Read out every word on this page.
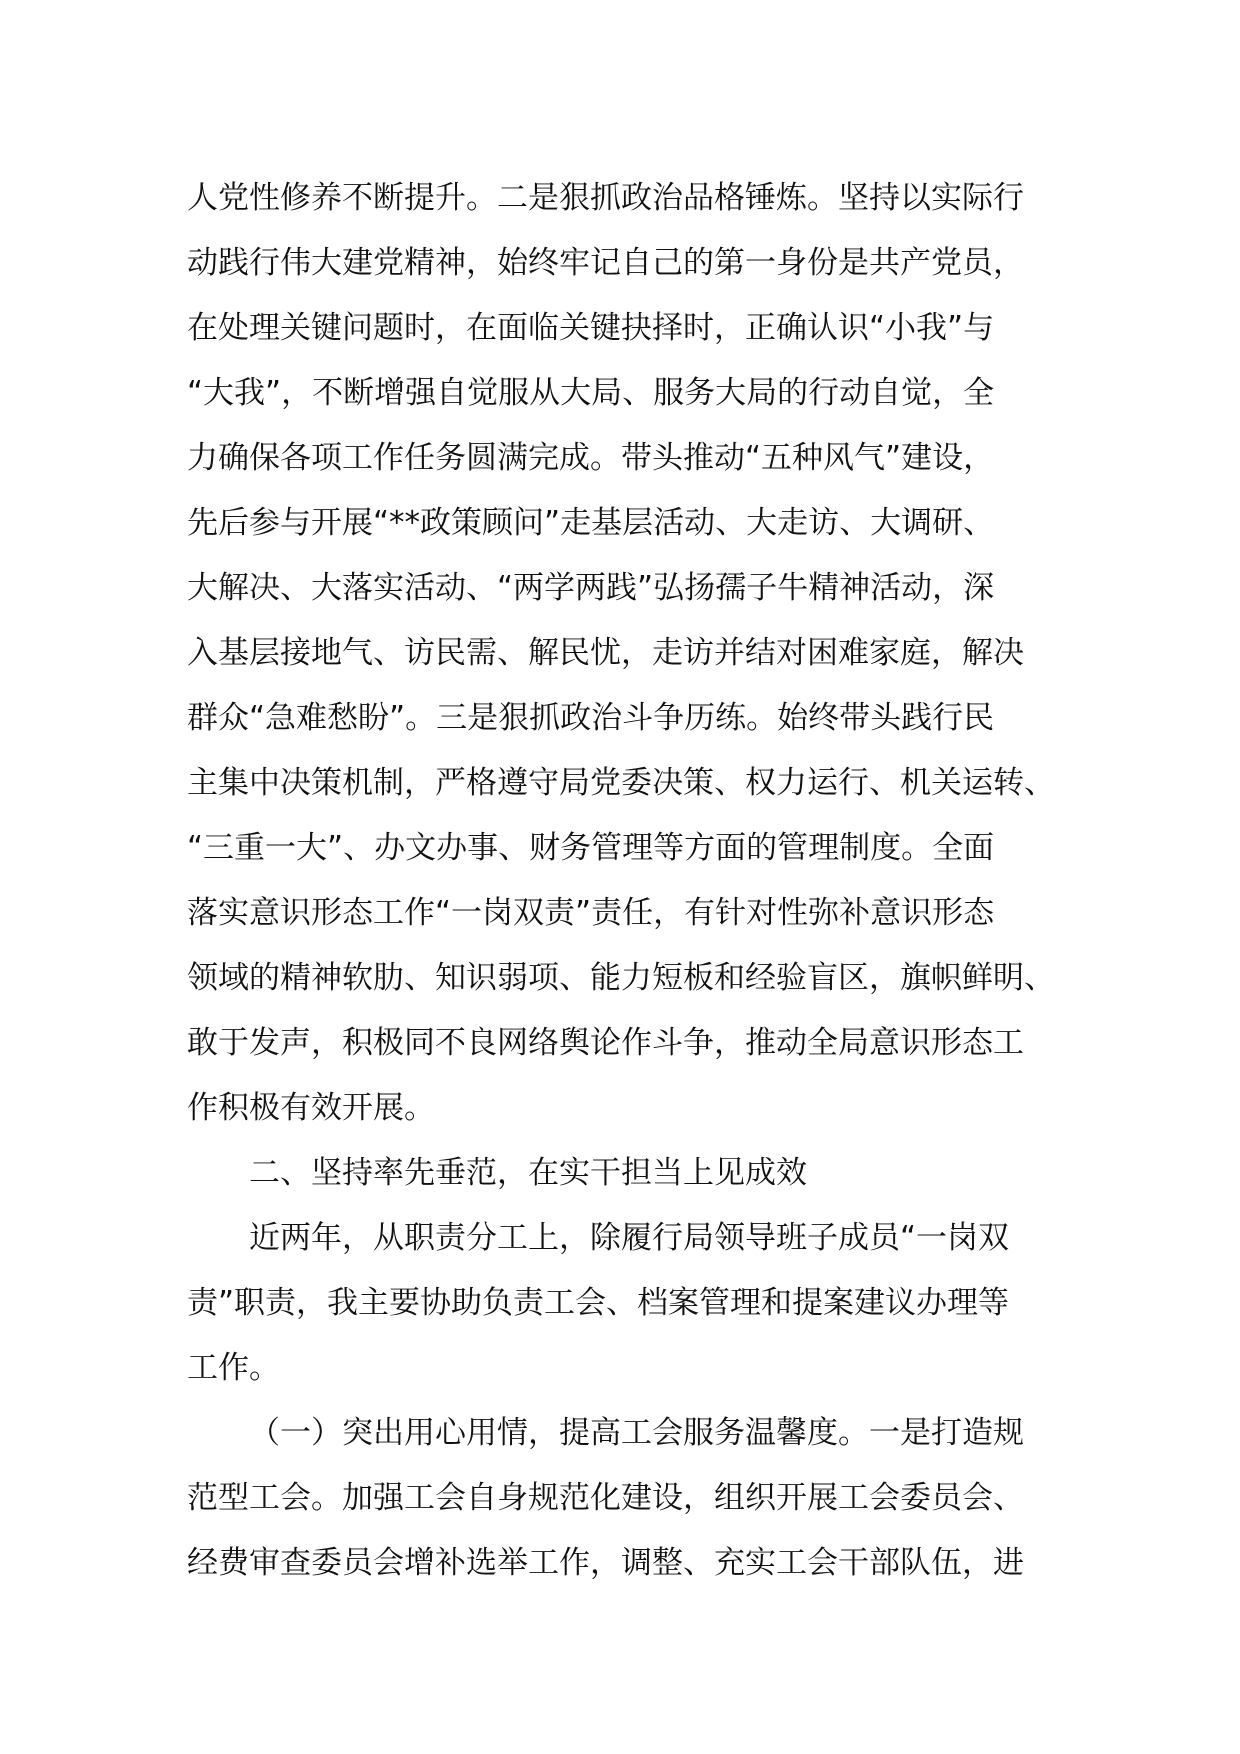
人党性修养不断提升。二是狠抓政治品格锤炼。坚持以实际行
动践行伟大建党精神，始终牢记自己的第一身份是共产党员，
在处理关键问题时，在面临关键抉择时，正确认识“小我”与
“大我”，不断增强自觉服从大局、服务大局的行动自觉，全
力确保各项工作任务圆满完成。带头推动“五种风气”建设，
先后参与开展“**政策顾问”走基层活动、大走访、大调研、
大解决、大落实活动、“两学两践”弘扬孺子牛精神活动，深
入基层接地气、访民需、解民忧，走访并结对困难家庭，解决
群众“急难愁盼”。三是狠抓政治斗争历练。始终带头践行民
主集中决策机制，严格遵守局党委决策、权力运行、机关运转、
“三重一大”、办文办事、财务管理等方面的管理制度。全面
落实意识形态工作“一岗双责”责任，有针对性弥补意识形态
领域的精神软肋、知识弱项、能力短板和经验盲区，旗帜鲜明、
敢于发声，积极同不良网络舆论作斗争，推动全局意识形态工
作积极有效开展。
二、坚持率先垂范，在实干担当上见成效
近两年，从职责分工上，除履行局领导班子成员“一岗双
责”职责，我主要协助负责工会、档案管理和提案建议办理等
工作。
（一）突出用心用情，提高工会服务温馨度。一是打造规
范型工会。加强工会自身规范化建设，组织开展工会委员会、
经费审查委员会增补选举工作，调整、充实工会干部队伍，进
